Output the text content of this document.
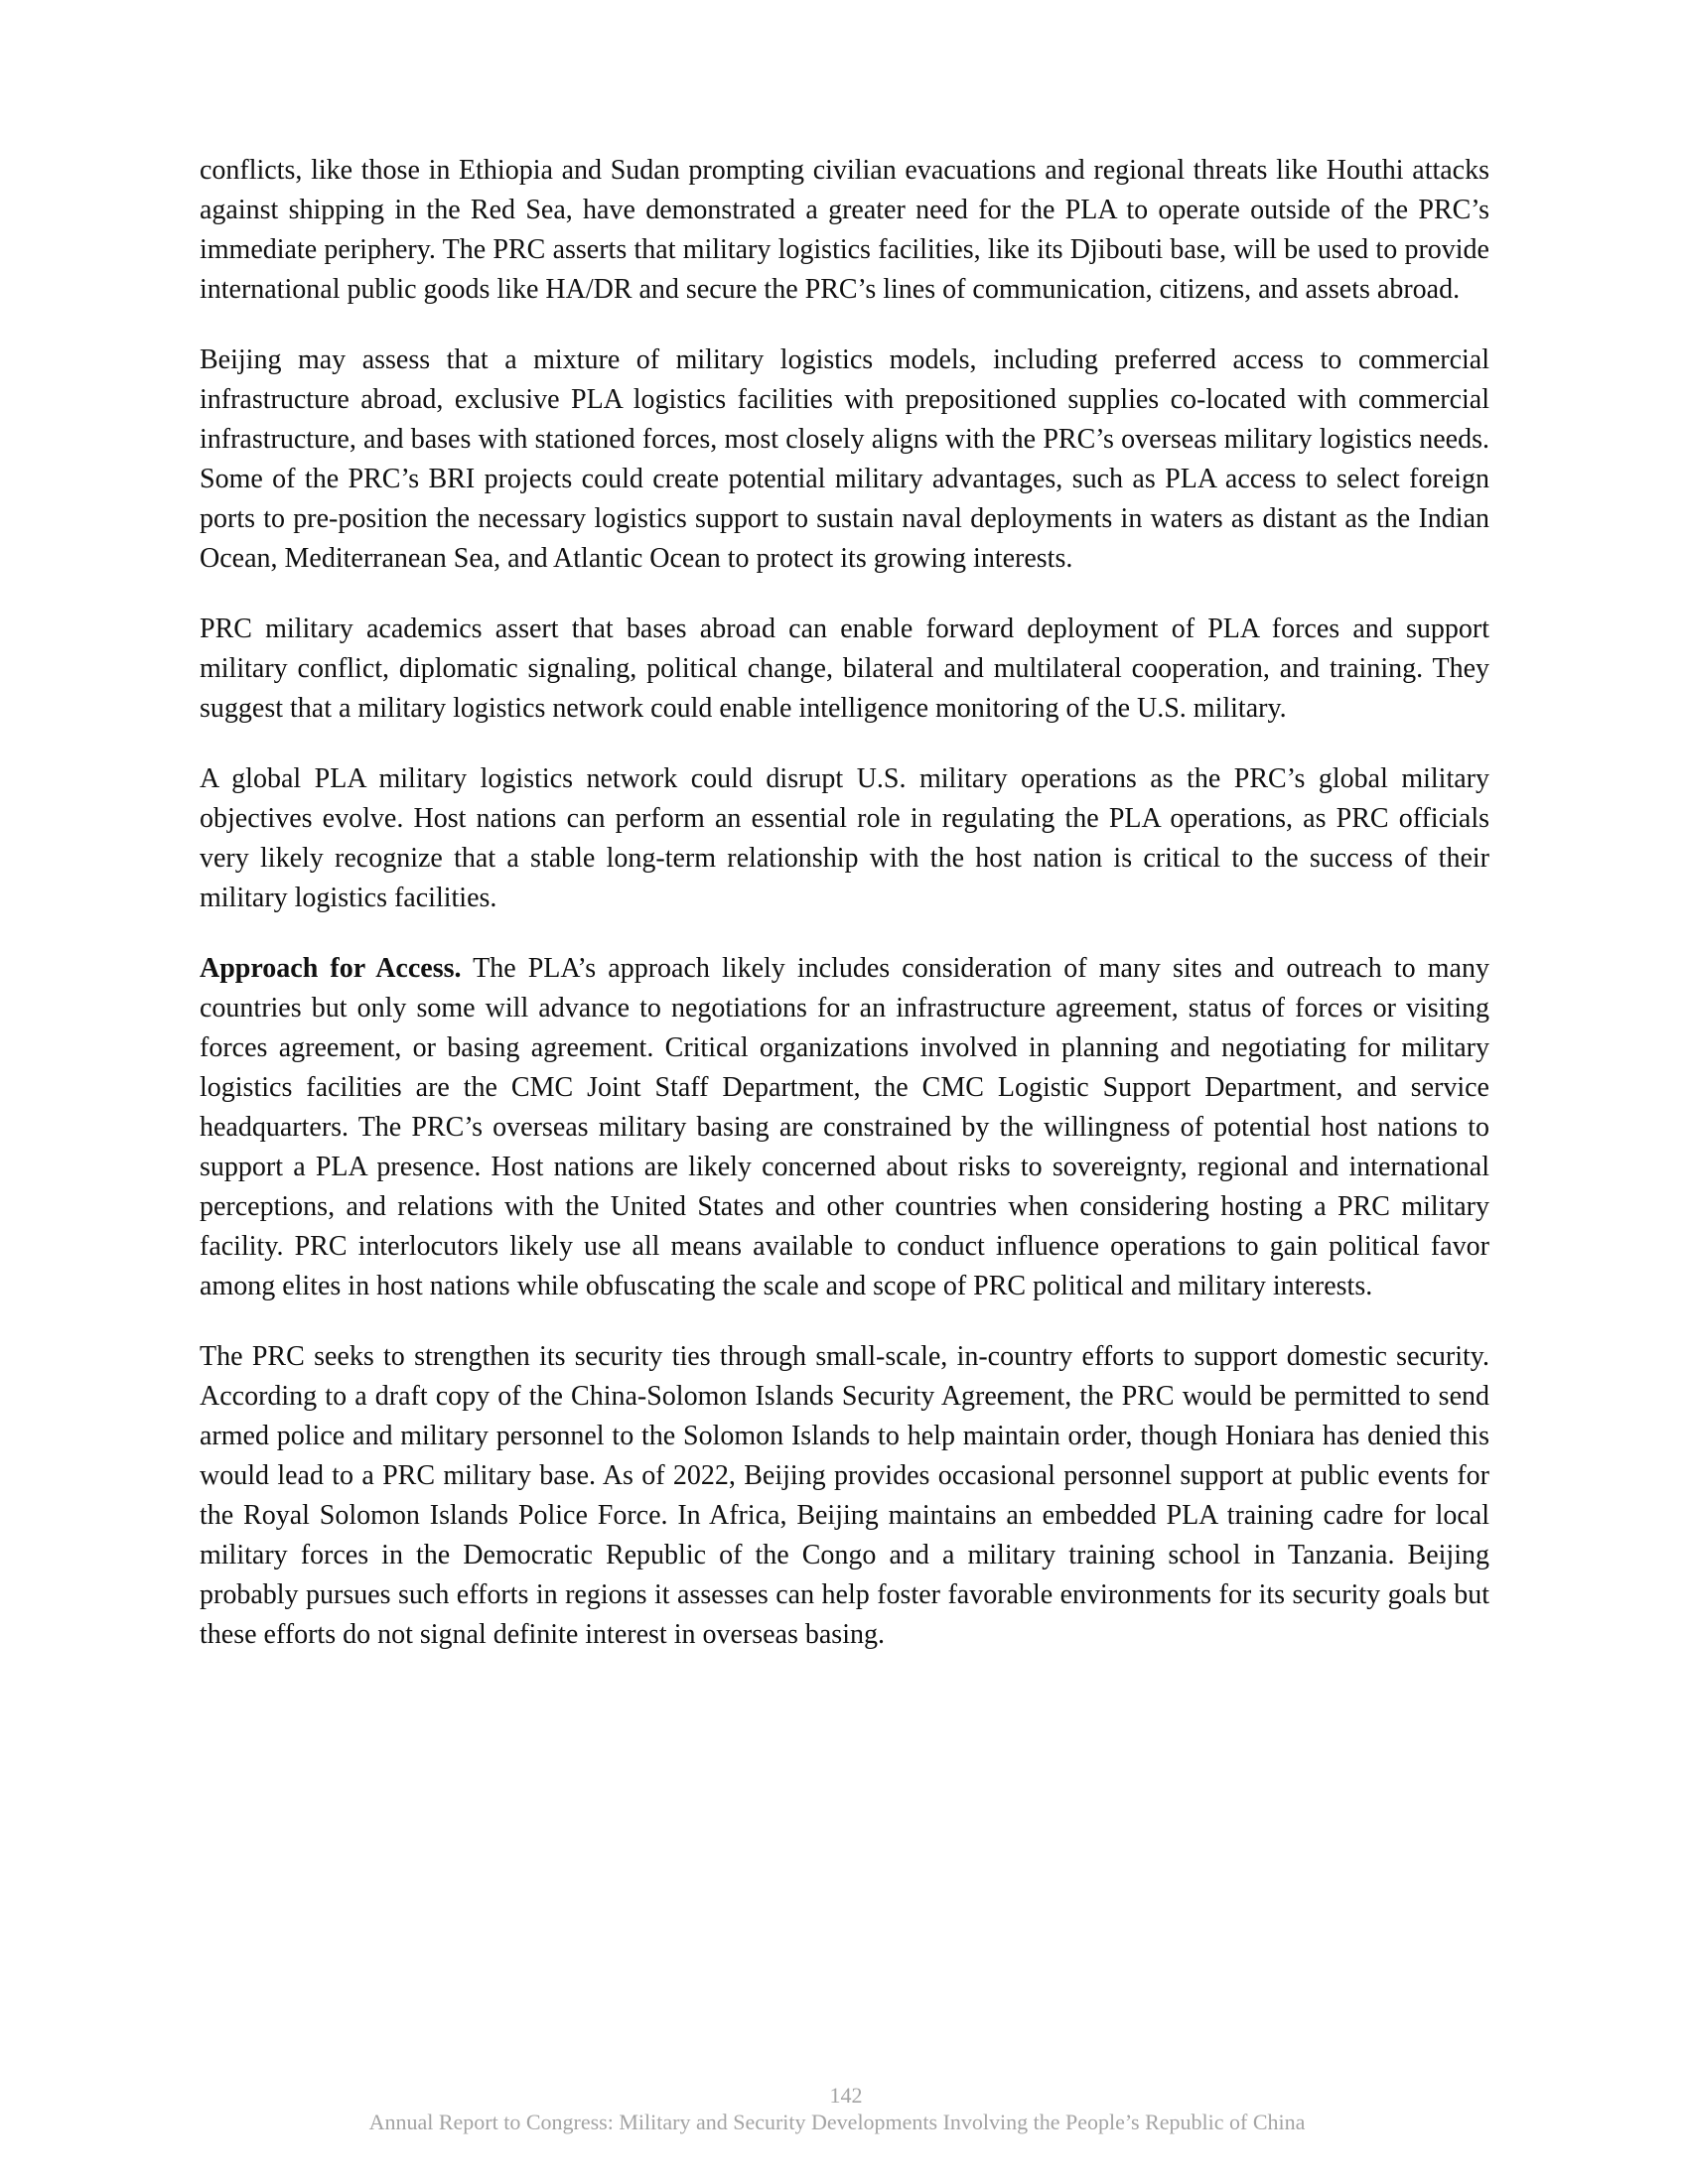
conflicts, like those in Ethiopia and Sudan prompting civilian evacuations and regional threats like Houthi attacks against shipping in the Red Sea, have demonstrated a greater need for the PLA to operate outside of the PRC’s immediate periphery. The PRC asserts that military logistics facilities, like its Djibouti base, will be used to provide international public goods like HA/DR and secure the PRC’s lines of communication, citizens, and assets abroad.

Beijing may assess that a mixture of military logistics models, including preferred access to commercial infrastructure abroad, exclusive PLA logistics facilities with prepositioned supplies co-located with commercial infrastructure, and bases with stationed forces, most closely aligns with the PRC’s overseas military logistics needs. Some of the PRC’s BRI projects could create potential military advantages, such as PLA access to select foreign ports to pre-position the necessary logistics support to sustain naval deployments in waters as distant as the Indian Ocean, Mediterranean Sea, and Atlantic Ocean to protect its growing interests.

PRC military academics assert that bases abroad can enable forward deployment of PLA forces and support military conflict, diplomatic signaling, political change, bilateral and multilateral cooperation, and training. They suggest that a military logistics network could enable intelligence monitoring of the U.S. military.

A global PLA military logistics network could disrupt U.S. military operations as the PRC’s global military objectives evolve. Host nations can perform an essential role in regulating the PLA operations, as PRC officials very likely recognize that a stable long-term relationship with the host nation is critical to the success of their military logistics facilities.

Approach for Access. The PLA’s approach likely includes consideration of many sites and outreach to many countries but only some will advance to negotiations for an infrastructure agreement, status of forces or visiting forces agreement, or basing agreement. Critical organizations involved in planning and negotiating for military logistics facilities are the CMC Joint Staff Department, the CMC Logistic Support Department, and service headquarters. The PRC’s overseas military basing are constrained by the willingness of potential host nations to support a PLA presence. Host nations are likely concerned about risks to sovereignty, regional and international perceptions, and relations with the United States and other countries when considering hosting a PRC military facility. PRC interlocutors likely use all means available to conduct influence operations to gain political favor among elites in host nations while obfuscating the scale and scope of PRC political and military interests.

The PRC seeks to strengthen its security ties through small-scale, in-country efforts to support domestic security. According to a draft copy of the China-Solomon Islands Security Agreement, the PRC would be permitted to send armed police and military personnel to the Solomon Islands to help maintain order, though Honiara has denied this would lead to a PRC military base. As of 2022, Beijing provides occasional personnel support at public events for the Royal Solomon Islands Police Force. In Africa, Beijing maintains an embedded PLA training cadre for local military forces in the Democratic Republic of the Congo and a military training school in Tanzania. Beijing probably pursues such efforts in regions it assesses can help foster favorable environments for its security goals but these efforts do not signal definite interest in overseas basing.

142
Annual Report to Congress: Military and Security Developments Involving the People’s Republic of China
